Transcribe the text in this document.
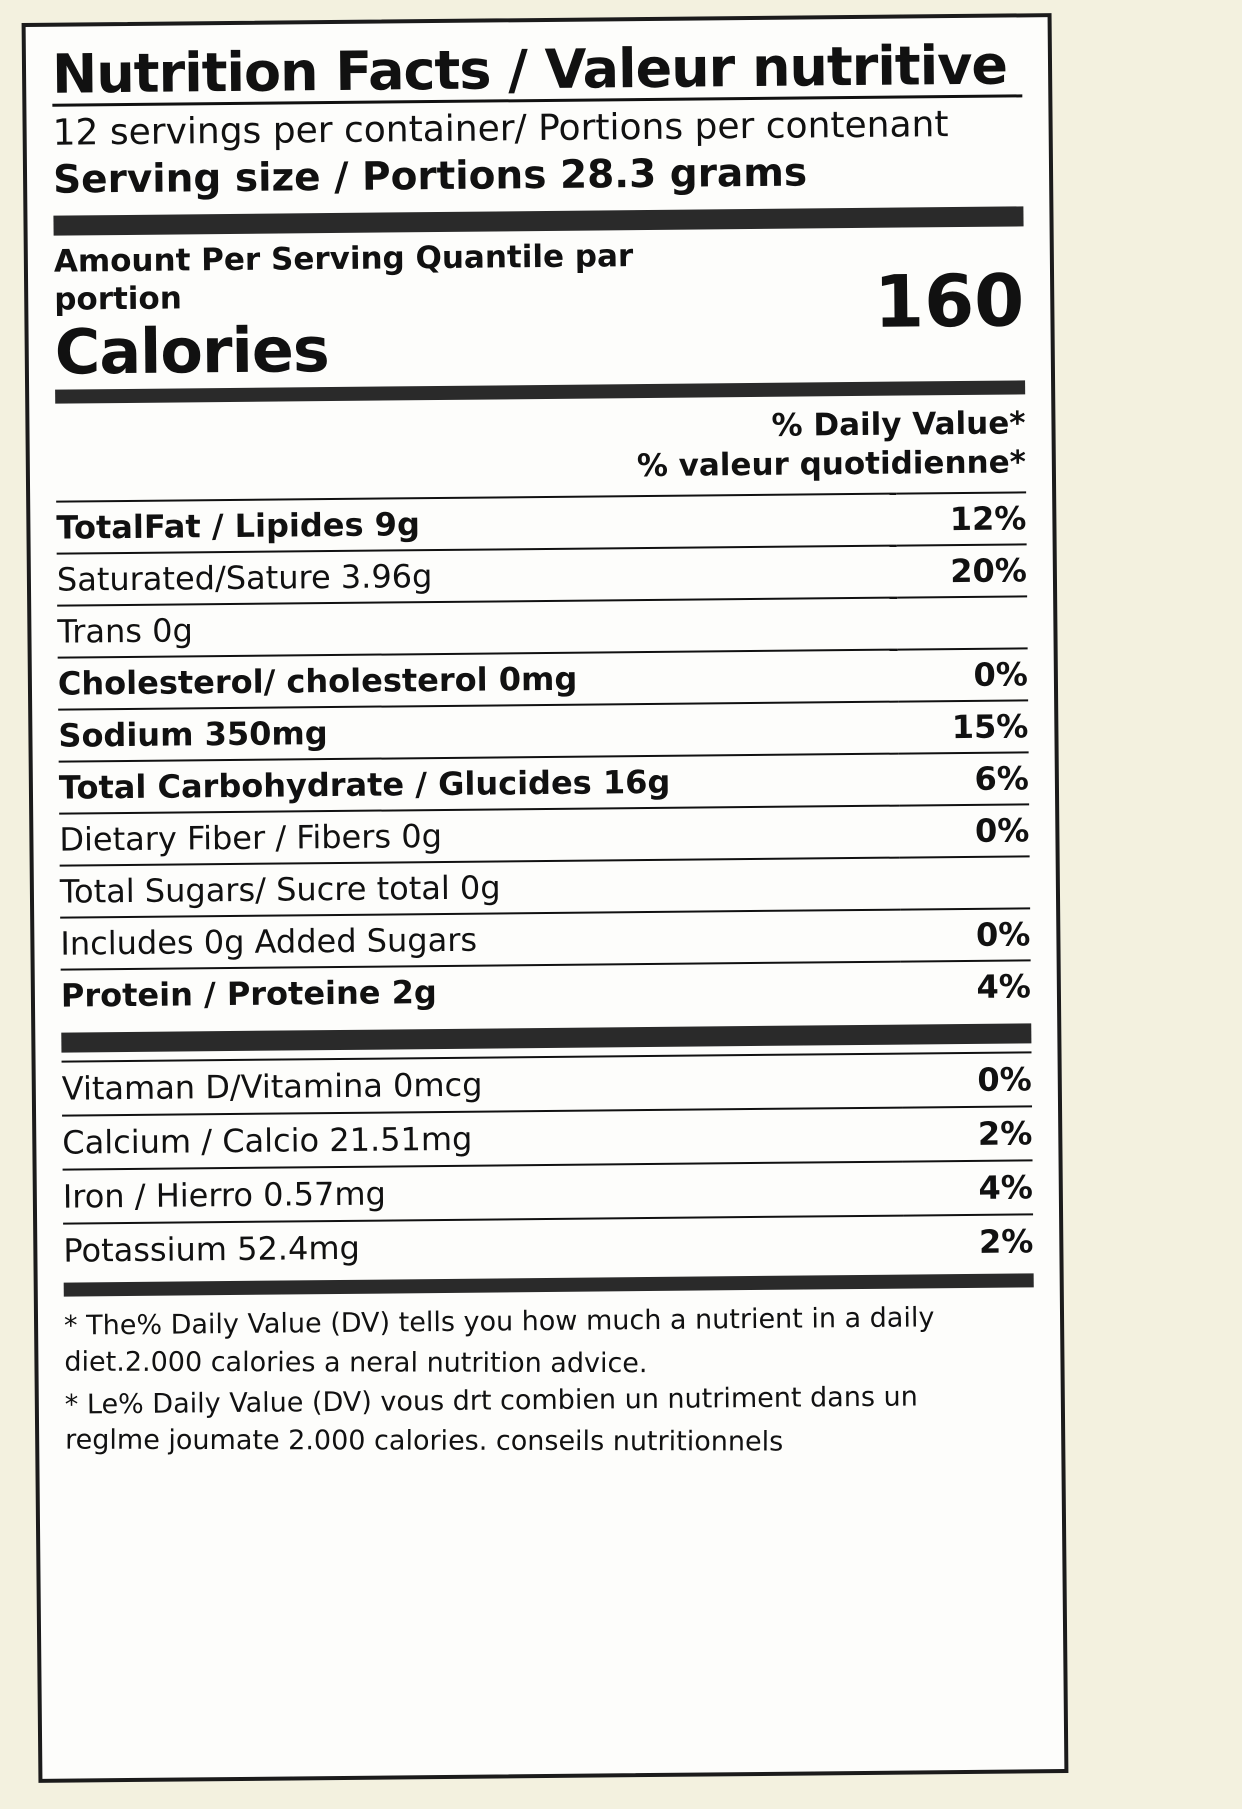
Nutrition Facts / Valeur nutritive
12 servings per container/ Portions per contenant
Serving size / Portions 28.3 grams
Amount Per Serving Quantile par portion
Calories
160
% Daily Value*
% valeur quotidienne*
TotalFat / Lipides 9g	12%
Saturated/Sature 3.96g	20%
Trans 0g	
Cholesterol/ cholesterol 0mg	0%
Sodium 350mg	15%
Total Carbohydrate / Glucides 16g	6%
Dietary Fiber / Fibers 0g	0%
Total Sugars/ Sucre total 0g	
Includes 0g Added Sugars	0%
Protein / Proteine 2g	4%
Vitaman D/Vitamina 0mcg	0%
Calcium / Calcio 21.51mg	2%
Iron / Hierro 0.57mg	4%
Potassium 52.4mg	2%

* The% Daily Value (DV) tells you how much a nutrient in a daily

diet.2.000 calories a neral nutrition advice.

* Le% Daily Value (DV) vous drt combien un nutriment dans un

reglme joumate 2.000 calories. conseils nutritionnels
